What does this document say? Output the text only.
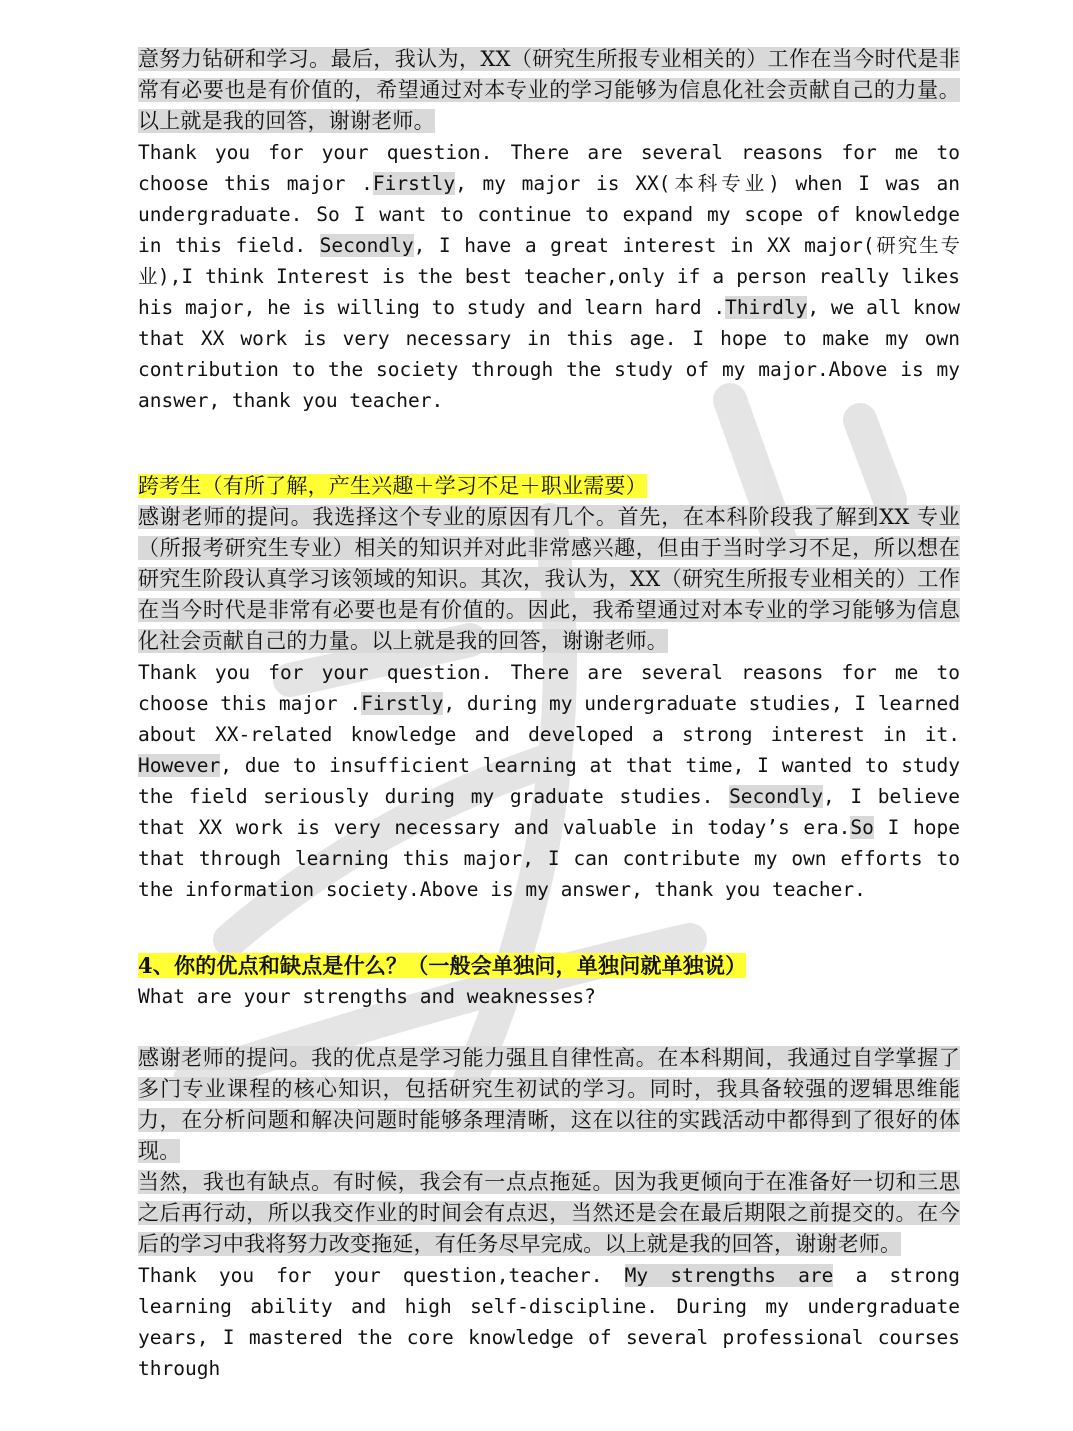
意努力钻研和学习。最后，我认为，XX（研究生所报专业相关的）工作在当今时代是非常有必要也是有价值的，希望通过对本专业的学习能够为信息化社会贡献自己的力量。以上就是我的回答，谢谢老师。

Thank you for your question. There are several reasons for me to choose this major .Firstly, my major is XX(本科专业) when I was an undergraduate. So I want to continue to expand my scope of knowledge in this field. Secondly, I have a great interest in XX major(研究生专业),I think Interest is the best teacher,only if a person really likes his major, he is willing to study and learn hard .Thirdly, we all know that XX work is very necessary in this age. I hope to make my own contribution to the society through the study of my major.Above is my answer, thank you teacher.

跨考生（有所了解，产生兴趣＋学习不足＋职业需要）

感谢老师的提问。我选择这个专业的原因有几个。首先，在本科阶段我了解到XX 专业（所报考研究生专业）相关的知识并对此非常感兴趣，但由于当时学习不足，所以想在研究生阶段认真学习该领域的知识。其次，我认为，XX（研究生所报专业相关的）工作在当今时代是非常有必要也是有价值的。因此，我希望通过对本专业的学习能够为信息化社会贡献自己的力量。以上就是我的回答，谢谢老师。

Thank you for your question. There are several reasons for me to choose this major .Firstly, during my undergraduate studies, I learned about XX-related knowledge and developed a strong interest in it. However, due to insufficient learning at that time, I wanted to study the field seriously during my graduate studies. Secondly, I believe that XX work is very necessary and valuable in today’s era.So I hope that through learning this major, I can contribute my own efforts to the information society.Above is my answer, thank you teacher.

4、你的优点和缺点是什么？（一般会单独问，单独问就单独说）

What are your strengths and weaknesses?

感谢老师的提问。我的优点是学习能力强且自律性高。在本科期间，我通过自学掌握了多门专业课程的核心知识，包括研究生初试的学习。同时，我具备较强的逻辑思维能力，在分析问题和解决问题时能够条理清晰，这在以往的实践活动中都得到了很好的体现。

当然，我也有缺点。有时候，我会有一点点拖延。因为我更倾向于在准备好一切和三思之后再行动，所以我交作业的时间会有点迟，当然还是会在最后期限之前提交的。在今后的学习中我将努力改变拖延，有任务尽早完成。以上就是我的回答，谢谢老师。

Thank you for your question,teacher. My strengths are a strong learning ability and high self-discipline. During my undergraduate years, I mastered the core knowledge of several professional courses through
